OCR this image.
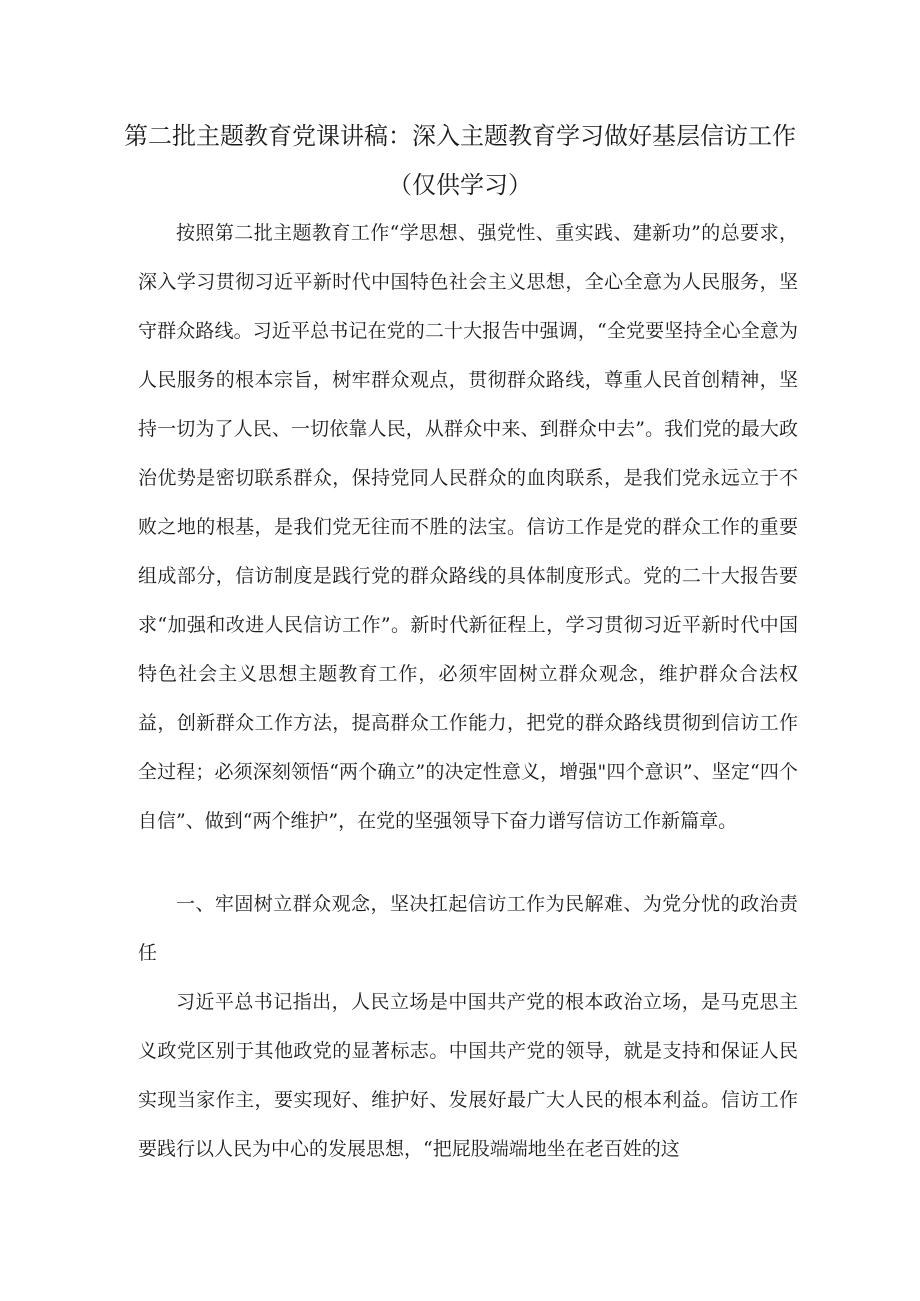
第二批主题教育党课讲稿：深入主题教育学习做好基层信访工作
（仅供学习）

按照第二批主题教育工作“学思想、强党性、重实践、建新功”的总要求，深入学习贯彻习近平新时代中国特色社会主义思想，全心全意为人民服务，坚守群众路线。习近平总书记在党的二十大报告中强调，“全党要坚持全心全意为人民服务的根本宗旨，树牢群众观点，贯彻群众路线，尊重人民首创精神，坚持一切为了人民、一切依靠人民，从群众中来、到群众中去”。我们党的最大政治优势是密切联系群众，保持党同人民群众的血肉联系，是我们党永远立于不败之地的根基，是我们党无往而不胜的法宝。信访工作是党的群众工作的重要组成部分，信访制度是践行党的群众路线的具体制度形式。党的二十大报告要求“加强和改进人民信访工作”。新时代新征程上，学习贯彻习近平新时代中国特色社会主义思想主题教育工作，必须牢固树立群众观念，维护群众合法权益，创新群众工作方法，提高群众工作能力，把党的群众路线贯彻到信访工作全过程；必须深刻领悟“两个确立”的决定性意义，增强"四个意识”、坚定“四个自信”、做到“两个维护”，在党的坚强领导下奋力谱写信访工作新篇章。

一、牢固树立群众观念，坚决扛起信访工作为民解难、为党分忧的政治责任

习近平总书记指出，人民立场是中国共产党的根本政治立场，是马克思主义政党区别于其他政党的显著标志。中国共产党的领导，就是支持和保证人民实现当家作主，要实现好、维护好、发展好最广大人民的根本利益。信访工作要践行以人民为中心的发展思想，“把屁股端端地坐在老百姓的这
